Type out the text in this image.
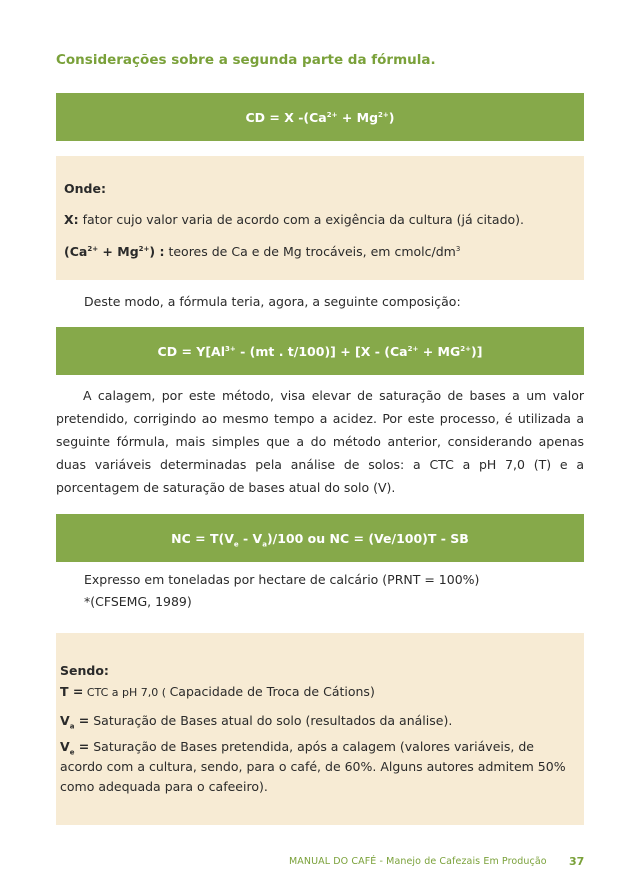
Considerações sobre a segunda parte da fórmula.
CD = X $-(Ca^{2+} + Mg^{2+})$
Onde:
X: fator cujo valor varia de acordo com a exigência da cultura (já citado).
$(Ca^{2+} + Mg^{2+})$ : teores de Ca e de Mg trocáveis, em cmolc/$dm^3$
Deste modo, a fórmula teria, agora, a seguinte composição:
CD = $Y[Al^{3+} - (mt$ . $t/100)] + [X - (Ca^{2+} + MG^{2+})]$
A calagem, por este método, visa elevar de saturação de bases a um valor pretendido, corrigindo ao mesmo tempo a acidez. Por este processo, é utilizada a seguinte fórmula, mais simples que a do método anterior, considerando apenas duas variáveis determinadas pela análise de solos: a CTC a pH 7,0 (T) e a porcentagem de saturação de bases atual do solo (V).
NC = $T(V_e - V_a)/100$ ou NC = (Ve/100)T - SB
Expresso em toneladas por hectare de calcário (PRNT = 100%)
*(CFSEMG, 1989)
Sendo:
T = CTC a pH 7,0 ( Capacidade de Troca de Cátions)
$V_a$ = Saturação de Bases atual do solo (resultados da análise).
$V_e$ = Saturação de Bases pretendida, após a calagem (valores variáveis, de acordo com a cultura, sendo, para o café, de 60%. Alguns autores admitem 50% como adequada para o cafeeiro).
MANUAL DO CAFÉ - Manejo de Cafezais Em Produção 37
